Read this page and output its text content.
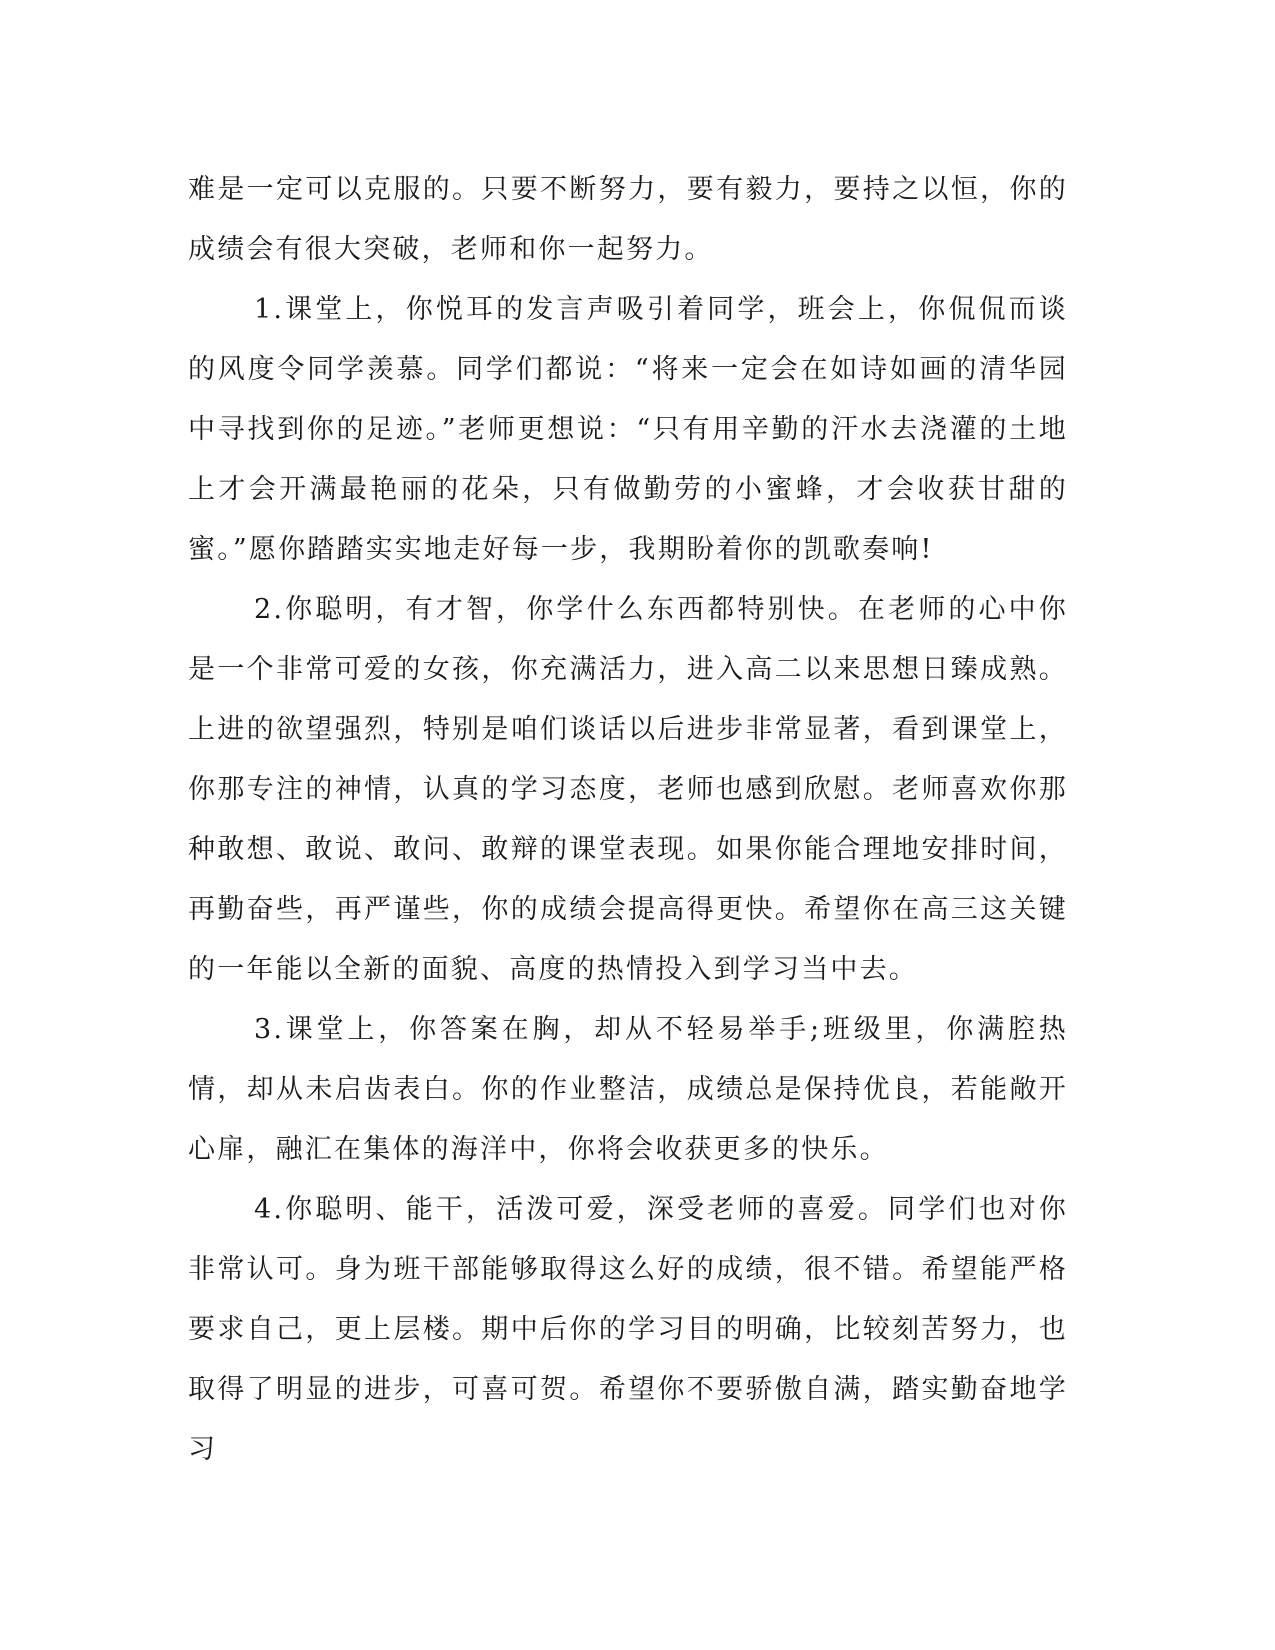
难是一定可以克服的。只要不断努力，要有毅力，要持之以恒，你的成绩会有很大突破，老师和你一起努力。

1.课堂上，你悦耳的发言声吸引着同学，班会上，你侃侃而谈的风度令同学羡慕。同学们都说：“将来一定会在如诗如画的清华园中寻找到你的足迹。”老师更想说：“只有用辛勤的汗水去浇灌的土地上才会开满最艳丽的花朵，只有做勤劳的小蜜蜂，才会收获甘甜的蜜。”愿你踏踏实实地走好每一步，我期盼着你的凯歌奏响!

2.你聪明，有才智，你学什么东西都特别快。在老师的心中你是一个非常可爱的女孩，你充满活力，进入高二以来思想日臻成熟。上进的欲望强烈，特别是咱们谈话以后进步非常显著，看到课堂上，你那专注的神情，认真的学习态度，老师也感到欣慰。老师喜欢你那种敢想、敢说、敢问、敢辩的课堂表现。如果你能合理地安排时间，再勤奋些，再严谨些，你的成绩会提高得更快。希望你在高三这关键的一年能以全新的面貌、高度的热情投入到学习当中去。

3.课堂上，你答案在胸，却从不轻易举手;班级里，你满腔热情，却从未启齿表白。你的作业整洁，成绩总是保持优良，若能敞开心扉，融汇在集体的海洋中，你将会收获更多的快乐。

4.你聪明、能干，活泼可爱，深受老师的喜爱。同学们也对你非常认可。身为班干部能够取得这么好的成绩，很不错。希望能严格要求自己，更上层楼。期中后你的学习目的明确，比较刻苦努力，也取得了明显的进步，可喜可贺。希望你不要骄傲自满，踏实勤奋地学习
